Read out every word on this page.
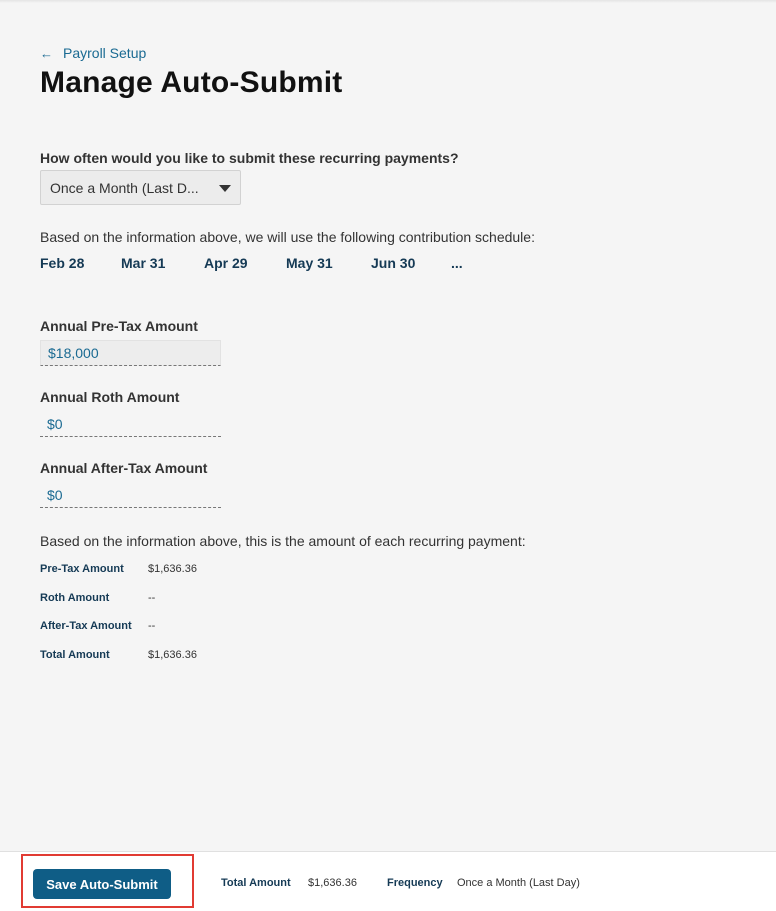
← Payroll Setup
Manage Auto-Submit
How often would you like to submit these recurring payments?
Once a Month (Last D...
Based on the information above, we will use the following contribution schedule:
Feb 28	Mar 31	Apr 29	May 31	Jun 30	...
Annual Pre-Tax Amount
$18,000
Annual Roth Amount
$0
Annual After-Tax Amount
$0
Based on the information above, this is the amount of each recurring payment:
Pre-Tax Amount $1,636.36
Roth Amount	--
After-Tax Amount --
Total Amount	$1,636.36
Save Auto-Submit	Total Amount $1,636.36	Frequency Once a Month (Last Day)
